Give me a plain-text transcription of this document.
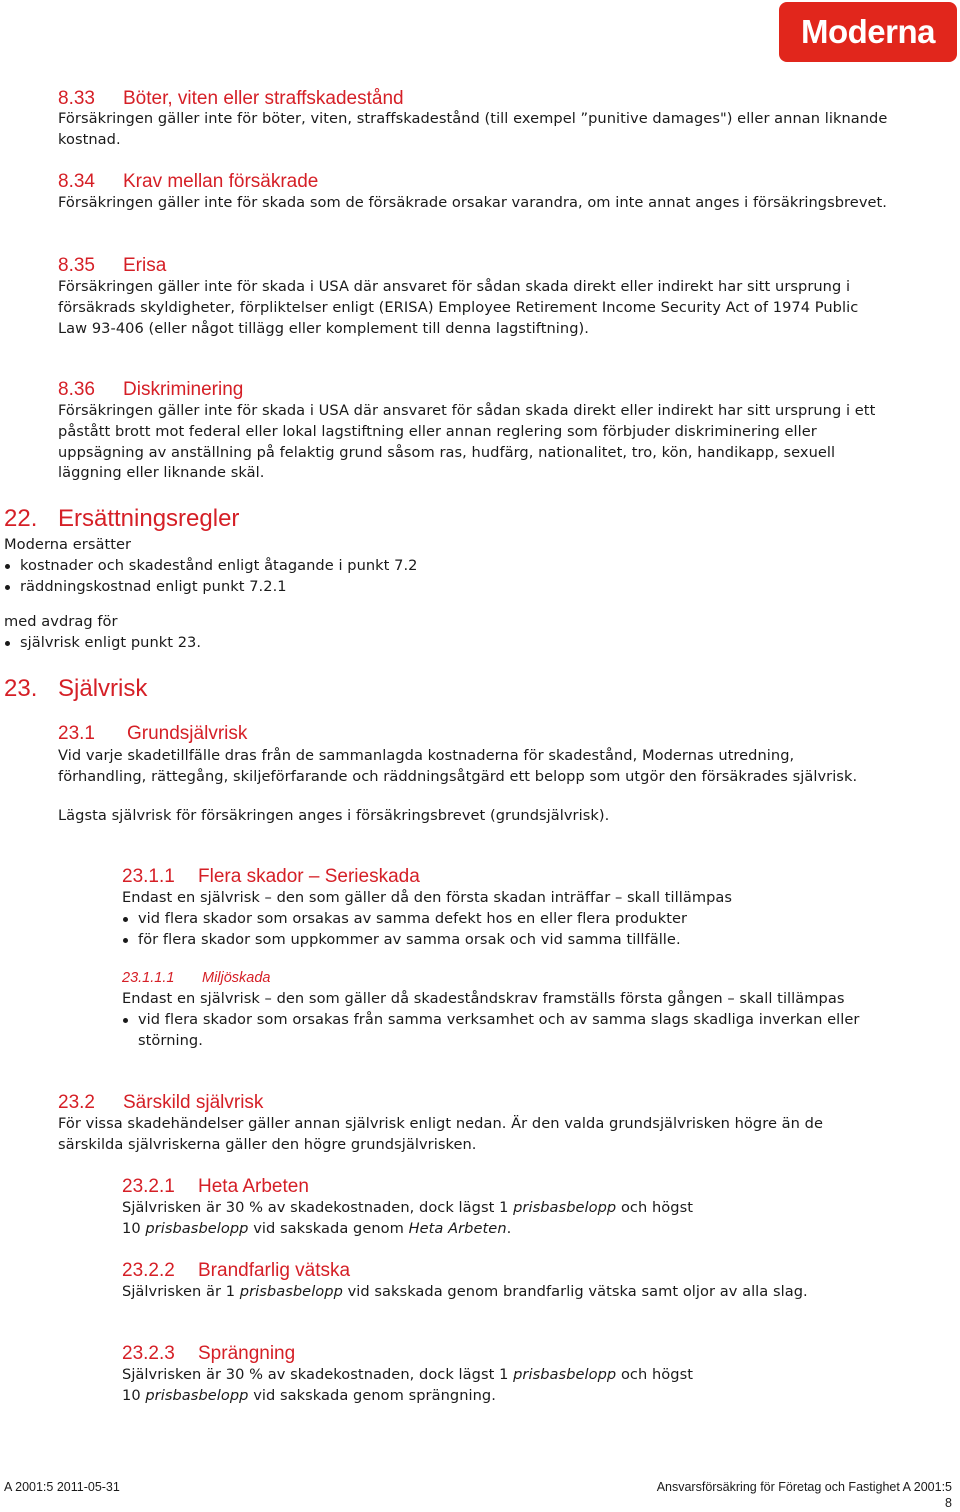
Moderna
8.33 Böter, viten eller straffskadestånd

Försäkringen gäller inte för böter, viten, straffskadestånd (till exempel ”punitive damages") eller annan liknande kostnad.

8.34 Krav mellan försäkrade

Försäkringen gäller inte för skada som de försäkrade orsakar varandra, om inte annat anges i försäkringsbrevet.

8.35 Erisa

Försäkringen gäller inte för skada i USA där ansvaret för sådan skada direkt eller indirekt har sitt ursprung i försäkrads skyldigheter, förpliktelser enligt (ERISA) Employee Retirement Income Security Act of 1974 Public Law 93-406 (eller något tillägg eller komplement till denna lagstiftning).

8.36 Diskriminering

Försäkringen gäller inte för skada i USA där ansvaret för sådan skada direkt eller indirekt har sitt ursprung i ett påstått brott mot federal eller lokal lagstiftning eller annan reglering som förbjuder diskriminering eller uppsägning av anställning på felaktig grund såsom ras, hudfärg, nationalitet, tro, kön, handikapp, sexuell läggning eller liknande skäl.

22. Ersättningsregler

Moderna ersätter

kostnader och skadestånd enligt åtagande i punkt 7.2
räddningskostnad enligt punkt 7.2.1

med avdrag för

självrisk enligt punkt 23.
23. Självrisk
23.1 Grundsjälvrisk

Vid varje skadetillfälle dras från de sammanlagda kostnaderna för skadestånd, Modernas utredning, förhandling, rättegång, skiljeförfarande och räddningsåtgärd ett belopp som utgör den försäkrades självrisk.

Lägsta självrisk för försäkringen anges i försäkringsbrevet (grundsjälvrisk).

23.1.1 Flera skador – Serieskada

Endast en självrisk – den som gäller då den första skadan inträffar – skall tillämpas

vid flera skador som orsakas av samma defekt hos en eller flera produkter
för flera skador som uppkommer av samma orsak och vid samma tillfälle.
23.1.1.1 Miljöskada

Endast en självrisk – den som gäller då skadeståndskrav framställs första gången – skall tillämpas

vid flera skador som orsakas från samma verksamhet och av samma slags skadliga inverkan eller störning.
23.2 Särskild självrisk

För vissa skadehändelser gäller annan självrisk enligt nedan. Är den valda grundsjälvrisken högre än de särskilda självriskerna gäller den högre grundsjälvrisken.

23.2.1 Heta Arbeten

Självrisken är 30 % av skadekostnaden, dock lägst 1 prisbasbelopp och högst

10 prisbasbelopp vid sakskada genom Heta Arbeten.

23.2.2 Brandfarlig vätska

Självrisken är 1 prisbasbelopp vid sakskada genom brandfarlig vätska samt oljor av alla slag.

23.2.3 Sprängning

Självrisken är 30 % av skadekostnaden, dock lägst 1 prisbasbelopp och högst

10 prisbasbelopp vid sakskada genom sprängning.

A 2001:5 2011-05-31	Ansvarsförsäkring för Företag och Fastighet A 2001:5
8
